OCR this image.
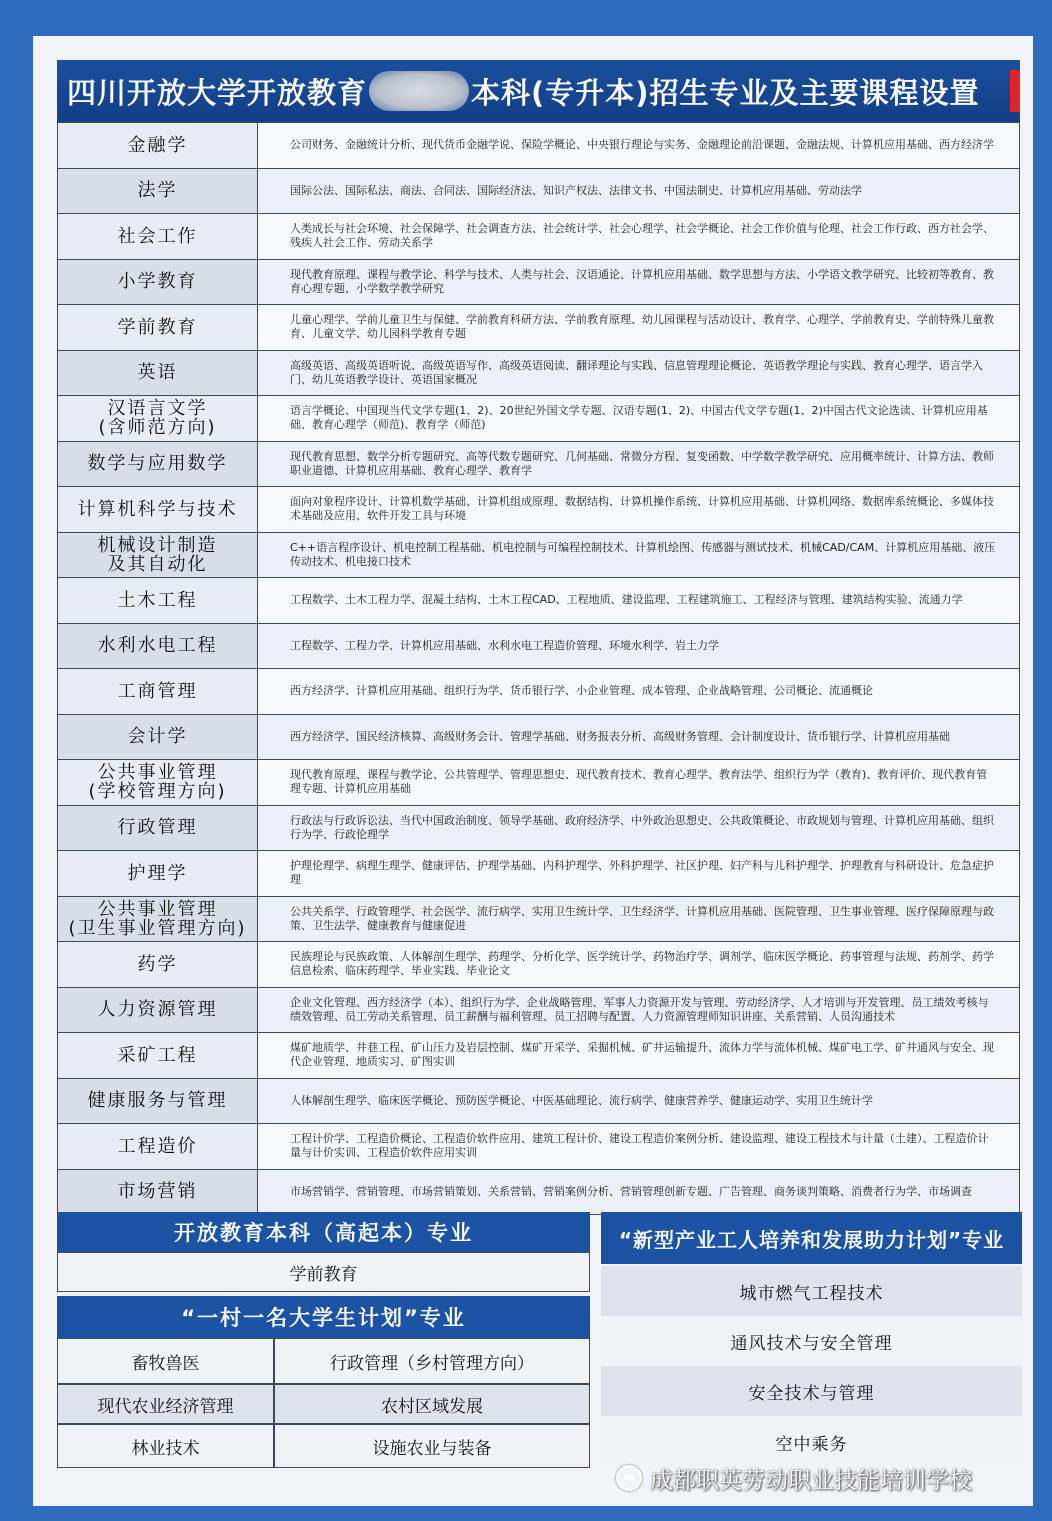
四川开放大学开放教育	本科(专升本)招生专业及主要课程设置
金融学	公司财务、金融统计分析、现代货币金融学说、保险学概论、中央银行理论与实务、金融理论前沿课题、金融法规、计算机应用基础、西方经济学

法学	国际公法、国际私法、商法、合同法、国际经济法、知识产权法、法律文书、中国法制史、计算机应用基础、劳动法学

社会工作	人类成长与社会环境、社会保障学、社会调查方法、社会统计学、社会心理学、社会学概论、社会工作价值与伦理、社会工作行政、西方社会学、残疾人社会工作、劳动关系学

小学教育	现代教育原理、课程与教学论、科学与技术、人类与社会、汉语通论、计算机应用基础、数学思想与方法、小学语文教学研究、比较初等教育、教育心理专题、小学数学教学研究

学前教育	儿童心理学、学前儿童卫生与保健、学前教育科研方法、学前教育原理、幼儿园课程与活动设计、教育学、心理学、学前教育史、学前特殊儿童教育、儿童文学、幼儿园科学教育专题

英语	高级英语、高级英语听说、高级英语写作、高级英语阅读、翻译理论与实践、信息管理理论概论、英语教学理论与实践、教育心理学、语言学入门、幼儿英语教学设计、英语国家概况

汉语言文学
(含师范方向)	语言学概论、中国现当代文学专题(1、2)、20世纪外国文学专题、汉语专题(1、2)、中国古代文学专题(1、2)中国古代文论选读、计算机应用基础、教育心理学（师范)、教育学（师范)

数学与应用数学	现代教育思想、数学分析专题研究、高等代数专题研究、几何基础、常微分方程、复变函数、中学数学教学研究、应用概率统计、计算方法、教师职业道德、计算机应用基础、教育心理学、教育学

计算机科学与技术	面向对象程序设计、计算机数学基础、计算机组成原理、数据结构、计算机操作系统、计算机应用基础、计算机网络、数据库系统概论、多媒体技术基础及应用、软件开发工具与环境

机械设计制造
及其自动化	C++语言程序设计、机电控制工程基础、机电控制与可编程控制技术、计算机绘图、传感器与测试技术、机械CAD/CAM、计算机应用基础、液压传动技术、机电接口技术

土木工程	工程数学、土木工程力学、混凝土结构、土木工程CAD、工程地质、建设监理、工程建筑施工、工程经济与管理、建筑结构实验、流通力学

水利水电工程	工程数学、工程力学、计算机应用基础、水利水电工程造价管理、环境水利学、岩土力学

工商管理	西方经济学、计算机应用基础、组织行为学、货币银行学、小企业管理、成本管理、企业战略管理、公司概论、流通概论

会计学	西方经济学、国民经济核算、高级财务会计、管理学基础、财务报表分析、高级财务管理、会计制度设计、货币银行学、计算机应用基础

公共事业管理
(学校管理方向)	现代教育原理、课程与教学论、公共管理学、管理思想史、现代教育技术、教育心理学、教育法学、组织行为学（教育)、教育评价、现代教育管理专题、计算机应用基础

行政管理	行政法与行政诉讼法、当代中国政治制度、领导学基础、政府经济学、中外政治思想史、公共政策概论、市政规划与管理、计算机应用基础、组织行为学、行政伦理学

护理学	护理伦理学、病理生理学、健康评估、护理学基础、内科护理学、外科护理学、社区护理、妇产科与儿科护理学、护理教育与科研设计、危急症护理

公共事业管理
(卫生事业管理方向)	公共关系学、行政管理学、社会医学、流行病学、实用卫生统计学、卫生经济学、计算机应用基础、医院管理、卫生事业管理、医疗保障原理与政策、卫生法学、健康教育与健康促进

药学	民族理论与民族政策、人体解剖生理学、药理学、分析化学、医学统计学、药物治疗学、调剂学、临床医学概论、药事管理与法规、药剂学、药学信息检索、临床药理学、毕业实践、毕业论文

人力资源管理	企业文化管理、西方经济学（本）、组织行为学、企业战略管理、军事人力资源开发与管理、劳动经济学、人才培训与开发管理、员工绩效考核与绩效管理、员工劳动关系管理、员工薪酬与福利管理、员工招聘与配置、人力资源管理师知识讲座、关系营销、人员沟通技术

采矿工程	煤矿地质学、井巷工程、矿山压力及岩层控制、煤矿开采学、采掘机械、矿井运输提升、流体力学与流体机械、煤矿电工学、矿井通风与安全、现代企业管理、地质实习、矿图实训

健康服务与管理	人体解剖生理学、临床医学概论、预防医学概论、中医基础理论、流行病学、健康营养学、健康运动学、实用卫生统计学

工程造价	工程计价学、工程造价概论、工程造价软件应用、建筑工程计价、建设工程造价案例分析、建设监理、建设工程技术与计量（土建）、工程造价计量与计价实训、工程造价软件应用实训

市场营销	市场营销学、营销管理、市场营销策划、关系营销、营销案例分析、营销管理创新专题、广告管理、商务谈判策略、消费者行为学、市场调查
开放教育本科（高起本）专业
学前教育
“一村一名大学生计划”专业
畜牧兽医	行政管理（乡村管理方向）
现代农业经济管理	农村区域发展
林业技术	设施农业与装备
“新型产业工人培养和发展助力计划”专业
城市燃气工程技术
通风技术与安全管理
安全技术与管理
空中乘务
成都职英劳动职业技能培训学校
